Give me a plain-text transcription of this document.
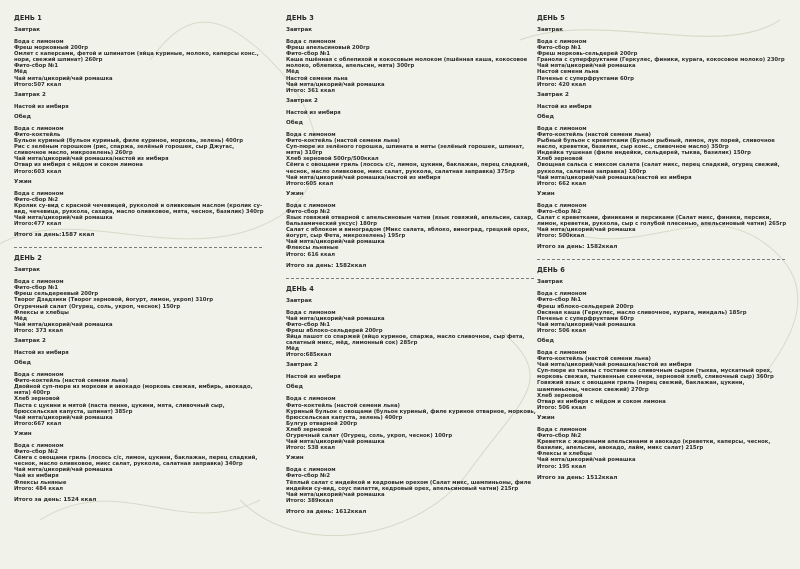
ДЕНЬ 1
Завтрак
Вода с лимоном
Фреш морковный 200гр
Омлет с каперсами, фетой и шпинатом (яйца куриные, молоко, каперсы конс., нори, свежий шпинат) 260гр
Фито-сбор №1
Мёд
Чай мята/цикорий/чай ромашка
Итого:507 ккал
Завтрак 2
Настой из имбиря
Обед
Вода с лимоном
Фито-коктейль
Бульон куриный (бульон куриный, филе куриное, морковь, зелень) 400гр
Рис с зелёным горошком (рис, спаржа, зелёный горошек, сыр Джугас, сливочное масло, микрозелень) 260гр
Чай мята/цикорий/чай ромашка/настой из имбиря
Отвар из имбиря с мёдом и соком лимона
Итого:603 ккал
Ужин
Вода с лимоном
Фито-сбор №2
Кролик су-вид с красной чечевицей, рукколой и оливковым маслом (кролик су-вид, чечевица, руккола, сахара, масло оливковое, мята, чеснок, базилик) 340гр
Чай мята/цикорий/чай ромашка
Итого:477 ккал
Итого за день:1587 ккал
ДЕНЬ 2
Завтрак
Вода с лимоном
Фито-сбор №1
Фреш сельдереевый 200гр
Творог Дзадзики (Творог зерновой, йогурт, лимон, укроп) 310гр
Огуречный салат (Огурец, соль, укроп, чеснок) 150гр
Флексы и хлебцы
Мёд
Чай мята/цикорий/чай ромашка
Итого: 373 ккал
Завтрак 2
Настой из имбиря
Обед
Вода с лимоном
Фито-коктейль (настой семени льна)
Двойной суп-пюре из моркови и авокадо (морковь свежая, имбирь, авокадо, мята) 400гр
Хлеб зерновой
Паста с цукини и мятой (паста пенне, цукини, мята, сливочный сыр, брюссельская капуста, шпинат) 385гр
Чай мята/цикорий/чай ромашка
Итого:667 ккал
Ужин
Вода с лимоном
Фито-сбор №2
Сёмга с овощами гриль (лосось с/с, лимон, цукини, баклажан, перец сладкий, чеснок, масло оливковое, микс салат, руккола, салатная заправка) 340гр
Чай мята/цикорий/чай ромашка
Чай из имбиря
Флексы льняные
Итого: 484 ккал
Итого за день: 1524 ккал
ДЕНЬ 3
Завтрак
Вода с лимоном
Фреш апельсиновый 200гр
Фито-сбор №1
Каша пшённая с облепихой и кокосовым молоком (пшённая каша, кокосовое молоко, облепиха, апельсин, мята) 300гр
Мёд
Настой семени льна
Чай мята/цикорий/чай ромашка
Итого: 361 ккал
Завтрак 2
Настой из имбиря
Обед
Вода с лимоном
Фито-коктейль (настой семени льна)
Суп-пюре из зелёного горошка, шпината и мяты (зелёный горошек, шпинат, мята) 310гр
Хлеб зерновой 500гр/500ккал
Сёмга с овощами гриль (лосось с/с, лимон, цукини, баклажан, перец сладкий, чеснок, масло оливковое, микс салат, руккола, салатная заправка) 375гр
Чай мята/цикорий/чай ромашка/настой из имбиря
Итого:605 ккал
Ужин
Вода с лимоном
Фито-сбор №2
Язык говяжий отварной с апельсиновым чатни (язык говяжий, апельсин, сахар, бальзамический уксус) 180гр
Салат с яблоком и виноградом (Микс салата, яблоко, виноград, грецкий орех, йогурт, сыр Фета, микрозелень) 195гр
Чай мята/цикорий/чай ромашка
Флексы льняные
Итого: 616 ккал
Итого за день: 1582ккал
ДЕНЬ 4
Завтрак
Вода с лимоном
Чай мята/цикорий/чай ромашка
Фито-сбор №1
Фреш яблоко-сельдерей 200гр
Яйца пашот со спаржей (яйцо куриное, спаржа, масло сливочное, сыр фета, салатный микс, мёд, лимонный сок) 285гр
Мёд
Итого:685ккал
Завтрак 2
Настой из имбиря
Обед
Вода с лимоном
Фито-коктейль (настой семени льна)
Куриный бульон с овощами (бульон куриный, филе куриное отварное, морковь, брюссельская капуста, зелень) 400гр
Булгур отварной 200гр
Хлеб зерновой
Огуречный салат (Огурец, соль, укроп, чеснок) 100гр
Чай мята/цикорий/чай ромашка
Итого: 538 ккал
Ужин
Вода с лимоном
Фито-сбор №2
Тёплый салат с индейкой и кедровым орехом (Салат микс, шампиньоны, филе индейки су-вид, соус пилатти, кедровый орех, апельсиновый чатни) 215гр
Чай мята/цикорий/чай ромашка
Итого: 389ккал
Итого за день: 1612ккал
ДЕНЬ 5
Завтрак
Вода с лимоном
Фито-сбор №1
Фреш морковь-сельдерей 200гр
Гранола с суперфруктами (Геркулес, финики, курага, кокосовое молоко) 230гр
Чай мята/цикорий/чай ромашка
Настой семени льна
Печенье с суперфруктами 60гр
Итого: 420 ккал
Завтрак 2
Настой из имбиря
Обед
Вода с лимоном
Фито-коктейль (настой семени льна)
Рыбный бульон с креветками (Бульон рыбный, лимон, лук порей, сливочное масло, креветки, базилик, сыр конс., сливочное масло) 350гр
Индейка тушеная (филе индейки, сельдерей, тыква, базилик) 150гр
Хлеб зерновой
Овощная сальса с миксом салата (салат микс, перец сладкий, огурец свежий, руккола, салатная заправка) 100гр
Чай мята/цикорий/чай ромашка/настой из имбиря
Итого: 662 ккал
Ужин
Вода с лимоном
Фито-сбор №2
Салат с креветками, финиками и персиками (Салат микс, финики, персики, лимон, креветки, руккола, сыр с голубой плесенью, апельсиновый чатни) 265гр
Чай мята/цикорий/чай ромашка
Итого: 500ккал
Итого за день: 1582ккал
ДЕНЬ 6
Завтрак
Вода с лимоном
Фито-сбор №1
Фреш яблоко-сельдерей 200гр
Овсяная каша (Геркулес, масло сливочное, курага, миндаль) 185гр
Печенье с суперфруктами 60гр
Чай мята/цикорий/чай ромашка
Итого: 506 ккал
Обед
Вода с лимоном
Фито-коктейль (настой семени льна)
Чай мята/цикорий/чай ромашка/настой из имбиря
Суп-пюре из тыквы с тостами со сливочным сыром (тыква, мускатный орех, морковь свежая, тыквенные семечки, зерновой хлеб, сливочный сыр) 360гр
Говяжий язык с овощами гриль (перец свежий, баклажан, цукини, шампиньоны, чеснок свежий) 270гр
Хлеб зерновой
Отвар из имбиря с мёдом и соком лимона
Итого: 506 ккал
Ужин
Вода с лимоном
Фито-сбор №2
Креветки с жареными апельсинами и авокадо (креветки, каперсы, чеснок, базилик, апельсин, авокадо, лайм, микс салат) 215гр
Флексы и хлебцы
Чай мята/цикорий/чай ромашка
Итого: 195 ккал
Итого за день: 1512ккал
